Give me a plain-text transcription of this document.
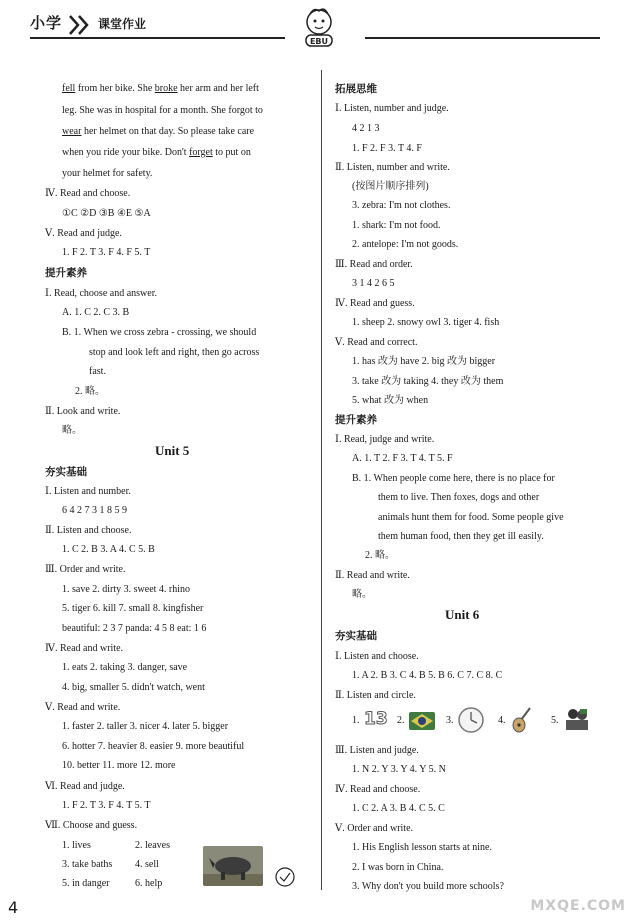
小学	课堂作业
EBU
fell from her bike. She broke her arm and her left
leg. She was in hospital for a month. She forgot to
wear her helmet on that day. So please take care
when you ride your bike. Don't forget to put on
your helmet for safety.
Ⅳ. Read and choose.
①C ②D ③B ④E ⑤A
Ⅴ. Read and judge.
1. F 2. T 3. F 4. F 5. T
提升素养
Ⅰ. Read, choose and answer.
A. 1. C 2. C 3. B
B. 1. When we cross zebra - crossing, we should
stop and look left and right, then go across
fast.
2. 略。
Ⅱ. Look and write.
略。
Unit 5
夯实基础
Ⅰ. Listen and number.
6 4 2 7 3 1 8 5 9
Ⅱ. Listen and choose.
1. C 2. B 3. A 4. C 5. B
Ⅲ. Order and write.
1. save 2. dirty 3. sweet 4. rhino
5. tiger 6. kill 7. small 8. kingfisher
beautiful: 2 3 7 panda: 4 5 8 eat: 1 6
Ⅳ. Read and write.
1. eats 2. taking 3. danger, save
4. big, smaller 5. didn't watch, went
Ⅴ. Read and write.
1. faster 2. taller 3. nicer 4. later 5. bigger
6. hotter 7. heavier 8. easier 9. more beautiful
10. better 11. more 12. more
Ⅵ. Read and judge.
1. F 2. T 3. F 4. T 5. T
Ⅶ. Choose and guess.
1. lives	2. leaves
3. take baths 4. sell
5. in danger	6. help
拓展思维
Ⅰ. Listen, number and judge.
4 2 1 3
1. F 2. F 3. T 4. F
Ⅱ. Listen, number and write.
(按图片顺序排列)
3. zebra: I'm not clothes.
1. shark: I'm not food.
2. antelope: I'm not goods.
Ⅲ. Read and order.
3 1 4 2 6 5
Ⅳ. Read and guess.
1. sheep 2. snowy owl 3. tiger 4. fish
Ⅴ. Read and correct.
1. has 改为 have 2. big 改为 bigger
3. take 改为 taking 4. they 改为 them
5. what 改为 when
提升素养
Ⅰ. Read, judge and write.
A. 1. T 2. F 3. T 4. T 5. F
B. 1. When people come here, there is no place for
them to live. Then foxes, dogs and other
animals hunt them for food. Some people give
them human food, then they get ill easily.
2. 略。
Ⅱ. Read and write.
略。
Unit 6
夯实基础
Ⅰ. Listen and choose.
1. A 2. B 3. C 4. B 5. B 6. C 7. C 8. C
Ⅱ. Listen and circle.
1. 13 2.	3.	4.	5.
Ⅲ. Listen and judge.
1. N 2. Y 3. Y 4. Y 5. N
Ⅳ. Read and choose.
1. C 2. A 3. B 4. C 5. C
Ⅴ. Order and write.
1. His English lesson starts at nine.
2. I was born in China.
3. Why don't you build more schools?
4	MXQE.COM
